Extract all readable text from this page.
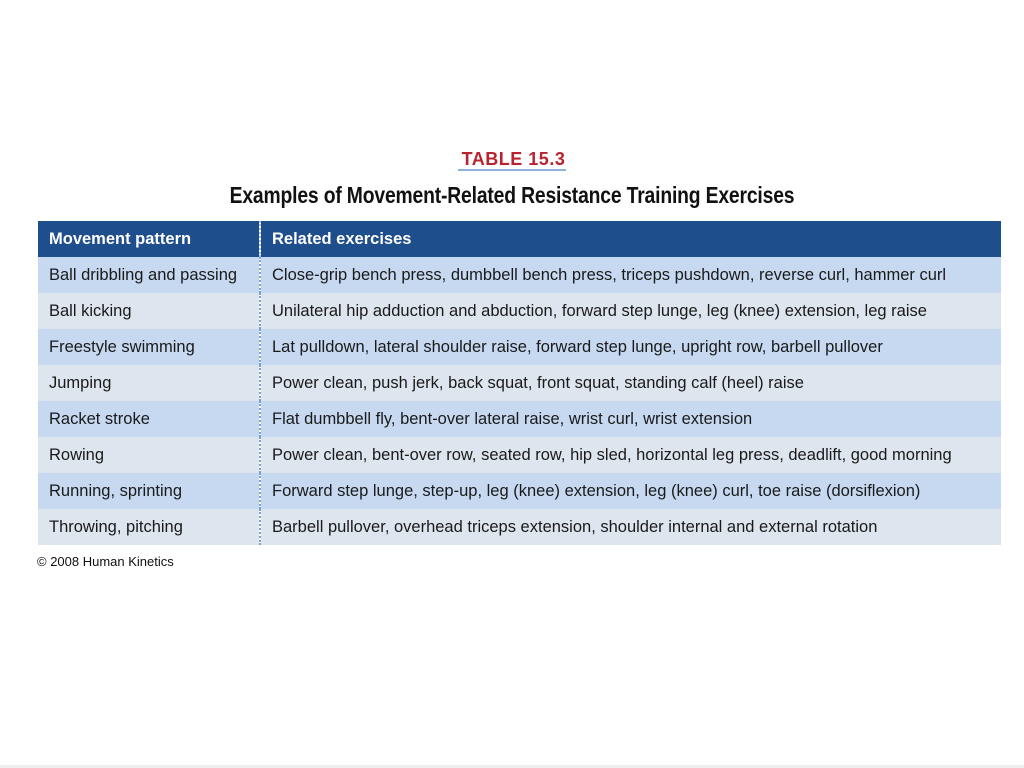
TABLE 15.3
Examples of Movement-Related Resistance Training Exercises
Movement pattern	Related exercises
Ball dribbling and passing	Close-grip bench press, dumbbell bench press, triceps pushdown, reverse curl, hammer curl
Ball kicking	Unilateral hip adduction and abduction, forward step lunge, leg (knee) extension, leg raise
Freestyle swimming	Lat pulldown, lateral shoulder raise, forward step lunge, upright row, barbell pullover
Jumping	Power clean, push jerk, back squat, front squat, standing calf (heel) raise
Racket stroke	Flat dumbbell fly, bent-over lateral raise, wrist curl, wrist extension
Rowing	Power clean, bent-over row, seated row, hip sled, horizontal leg press, deadlift, good morning
Running, sprinting	Forward step lunge, step-up, leg (knee) extension, leg (knee) curl, toe raise (dorsiflexion)
Throwing, pitching	Barbell pullover, overhead triceps extension, shoulder internal and external rotation
© 2008 Human Kinetics
